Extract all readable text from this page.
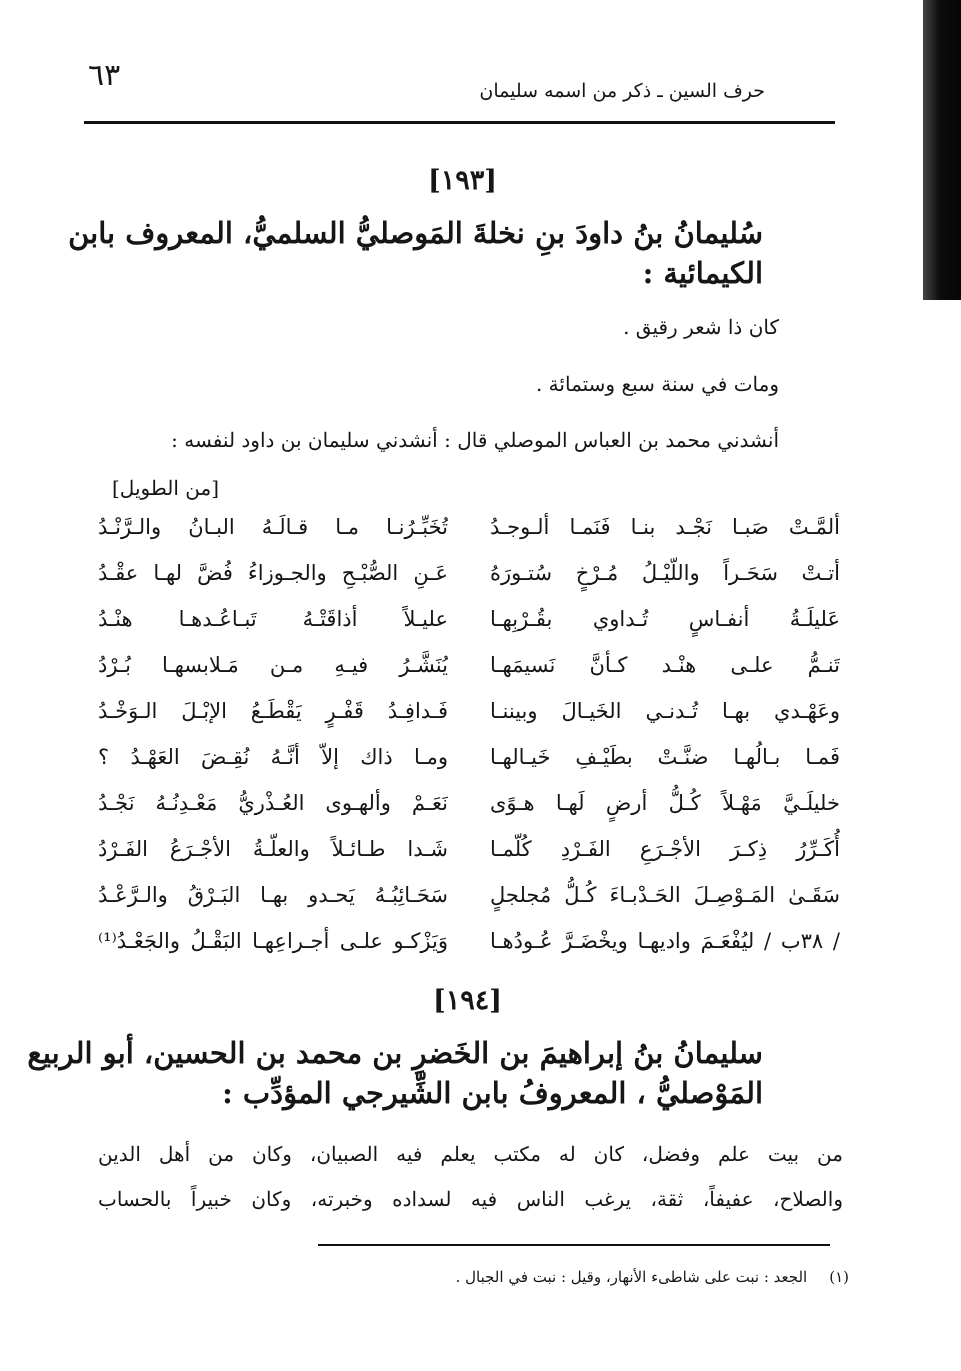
٦٣	حرف السين ـ ذكر من اسمه سليمان
[١٩٣]
سُليمانُ بنُ داودَ بنِ نخلةَ المَوصليُّ السلميُّ، المعروف بابن
الكيمائية :

كان ذا شعر رقيق .

ومات في سنة سبع وستمائة .

أنشدني محمد بن العباس الموصلي قال : أنشدني سليمان بن داود لنفسه :

[من الطويل]
ألمَّـتْ صَبـا نَجْـد بنـا فَنَمـا ألـوجـدُ
تُخَبِّـرُنـا مـا قـالَـهُ البـانُ والـرَّنْـدُ
أتـتْ سَحَـراً واللّيْـلُ مُـرْخٍ سُتـورَهُ
عَـنِ الصُّبْـحِ والجـوزاءُ فُضَّ لهـا عقْـدُ
عَليلَـةُ أنفـاسٍ تُـداوي بقُـرْبِهـا
عليـلاً أذاقَتْـهُ تَبـاعُـدهـا هنْـدُ
تَنـمُّ علـى هنْـد كـأنَّ نَسيمَهـا
يُنَشَّـرُ فيـهِ مـن مَـلابسهـا بُـرْدُ
وعَهْـدي بهـا تُـدنـي الخَيـالَ وبيننـا
فَـدافِـدُ قَفْـرٍ يَقْطَـعُ الإبْـلَ الـوَخْـدُ
فَمـا بـالُهـا ضنَّـتْ بطَيْـفِ خَيـالهـا
ومـا ذاك إلاّ أنَّـهُ نُقِـضَ العَهْـدُ ؟
خليلَـيَّ مَهْـلاً كُـلُّ أرضٍ لَهـا هـوًى
نَعَـمْ وألهـوى العُـذْريُّ مَعْـدِنُـهُ نَجْـدُ
أُكَـرِّرُ ذِكـرَ الأجْـرَعِ الفَـرْدِ كُلّمـا
شَـدا طـائـلاً والعلّـةُ الأجْـرَعُ الفَـرْدُ
سَقَـىٰ المَـوْصِـلَ الحَـدْبـاءَ كُـلُّ مُجلجلٍ
سَحَـائِبُـهُ يَحـدو بهـا البَـرْقُ والـرَّعْـدُ
/ ٣٨ب / ليُفْعَـمَ واديهـا ويخْضَـرَّ عُـودُهـا
وَيَزْكـو علـى أجـراعِهـا البَقْـلُ والجَعْـدُ⁽¹⁾
[١٩٤]
سليمانُ بنُ إبراهيمَ بن الخَضرِ بن محمد بن الحسين، أبو الربيع
المَوْصليُّ ، المعروفُ بابن الشِّيرجي المؤدِّب :

من بيت علم وفضل، كان له مكتب يعلم فيه الصبيان، وكان من أهل الدين
والصلاح، عفيفاً، ثقة، يرغب الناس فيه لسداده وخبرته، وكان خبيراً بالحساب

(١)الجعد : نبت على شاطىء الأنهار، وقيل : نبت في الجبال .
